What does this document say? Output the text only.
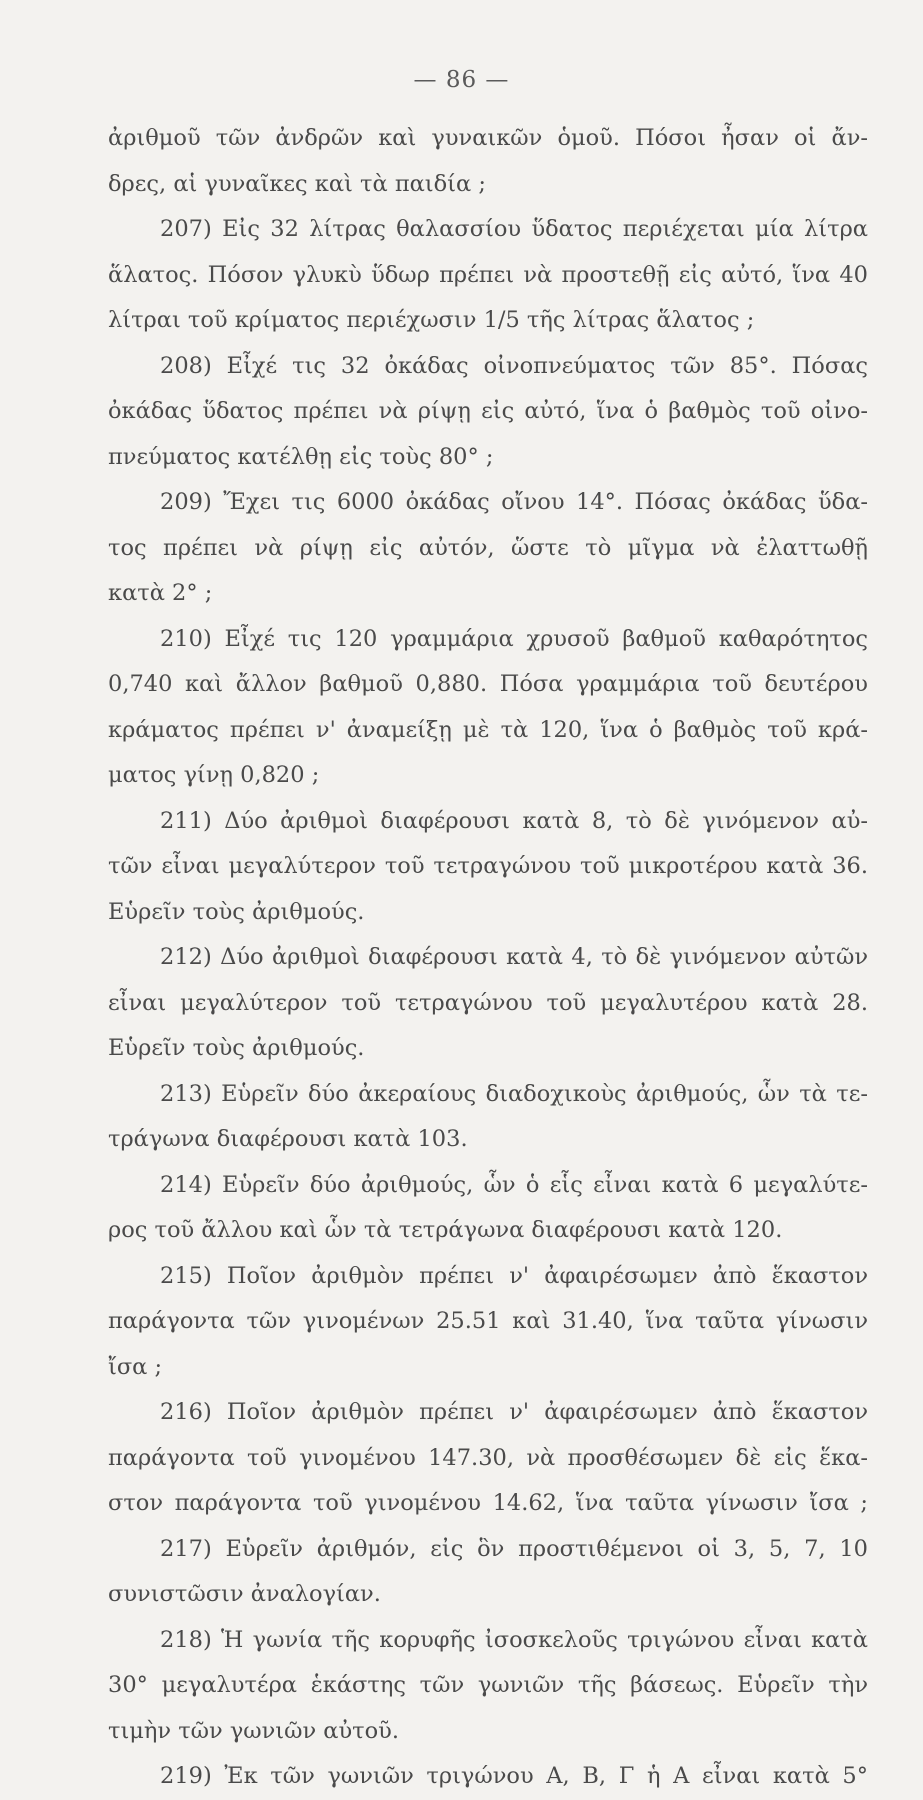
— 86 —
ἀριθμοῦ τῶν ἀνδρῶν καὶ γυναικῶν ὁμοῦ. Πόσοι ἦσαν οἱ ἄν-
δρες, αἱ γυναῖκες καὶ τὰ παιδία ;
207) Εἰς 32 λίτρας θαλασσίου ὕδατος περιέχεται μία λίτρα
ἅλατος. Πόσον γλυκὺ ὕδωρ πρέπει νὰ προστεθῇ εἰς αὐτό, ἵνα 40
λίτραι τοῦ κρίματος περιέχωσιν 1/5 τῆς λίτρας ἅλατος ;
208) Εἶχέ τις 32 ὀκάδας οἰνοπνεύματος τῶν 85°. Πόσας
ὀκάδας ὕδατος πρέπει νὰ ρίψῃ εἰς αὐτό, ἵνα ὁ βαθμὸς τοῦ οἰνο-
πνεύματος κατέλθῃ εἰς τοὺς 80° ;
209) Ἔχει τις 6000 ὀκάδας οἴνου 14°. Πόσας ὀκάδας ὕδα-
τος πρέπει νὰ ρίψῃ εἰς αὐτόν, ὥστε τὸ μῖγμα νὰ ἐλαττωθῇ
κατὰ 2° ;
210) Εἶχέ τις 120 γραμμάρια χρυσοῦ βαθμοῦ καθαρότητος
0,740 καὶ ἄλλον βαθμοῦ 0,880. Πόσα γραμμάρια τοῦ δευτέρου
κράματος πρέπει ν' ἀναμείξῃ μὲ τὰ 120, ἵνα ὁ βαθμὸς τοῦ κρά-
ματος γίνῃ 0,820 ;
211) Δύο ἀριθμοὶ διαφέρουσι κατὰ 8, τὸ δὲ γινόμενον αὐ-
τῶν εἶναι μεγαλύτερον τοῦ τετραγώνου τοῦ μικροτέρου κατὰ 36.
Εὑρεῖν τοὺς ἀριθμούς.
212) Δύο ἀριθμοὶ διαφέρουσι κατὰ 4, τὸ δὲ γινόμενον αὐτῶν
εἶναι μεγαλύτερον τοῦ τετραγώνου τοῦ μεγαλυτέρου κατὰ 28.
Εὑρεῖν τοὺς ἀριθμούς.
213) Εὑρεῖν δύο ἀκεραίους διαδοχικοὺς ἀριθμούς, ὧν τὰ τε-
τράγωνα διαφέρουσι κατὰ 103.
214) Εὑρεῖν δύο ἀριθμούς, ὧν ὁ εἷς εἶναι κατὰ 6 μεγαλύτε-
ρος τοῦ ἄλλου καὶ ὧν τὰ τετράγωνα διαφέρουσι κατὰ 120.
215) Ποῖον ἀριθμὸν πρέπει ν' ἀφαιρέσωμεν ἀπὸ ἕκαστον
παράγοντα τῶν γινομένων 25.51 καὶ 31.40, ἵνα ταῦτα γίνωσιν
ἴσα ;
216) Ποῖον ἀριθμὸν πρέπει ν' ἀφαιρέσωμεν ἀπὸ ἕκαστον
παράγοντα τοῦ γινομένου 147.30, νὰ προσθέσωμεν δὲ εἰς ἕκα-
στον παράγοντα τοῦ γινομένου 14.62, ἵνα ταῦτα γίνωσιν ἴσα ;
217) Εὑρεῖν ἀριθμόν, εἰς ὃν προστιθέμενοι οἱ 3, 5, 7, 10
συνιστῶσιν ἀναλογίαν.
218) Ἡ γωνία τῆς κορυφῆς ἰσοσκελοῦς τριγώνου εἶναι κατὰ
30° μεγαλυτέρα ἑκάστης τῶν γωνιῶν τῆς βάσεως. Εὑρεῖν τὴν
τιμὴν τῶν γωνιῶν αὐτοῦ.
219) Ἐκ τῶν γωνιῶν τριγώνου Α, Β, Γ ἡ Α εἶναι κατὰ 5°
